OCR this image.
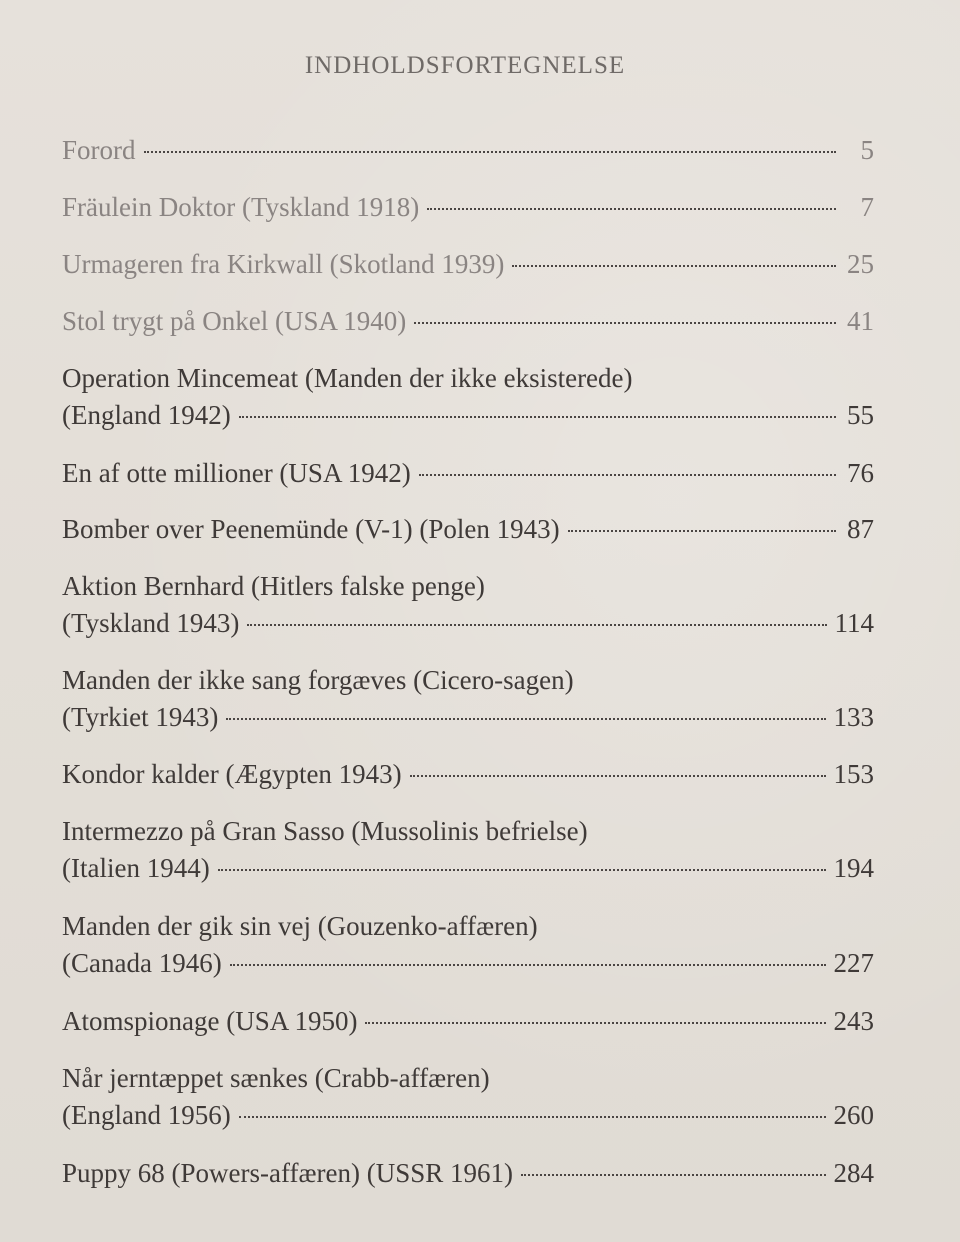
INDHOLDSFORTEGNELSE
Forord	5
Fräulein Doktor (Tyskland 1918)	7
Urmageren fra Kirkwall (Skotland 1939)	25
Stol trygt på Onkel (USA 1940)	41
Operation Mincemeat (Manden der ikke eksisterede)
(England 1942)	55
En af otte millioner (USA 1942)	76
Bomber over Peenemünde (V-1) (Polen 1943)	87
Aktion Bernhard (Hitlers falske penge)
(Tyskland 1943)	114
Manden der ikke sang forgæves (Cicero-sagen)
(Tyrkiet 1943)	133
Kondor kalder (Ægypten 1943)	153
Intermezzo på Gran Sasso (Mussolinis befrielse)
(Italien 1944)	194
Manden der gik sin vej (Gouzenko-affæren)
(Canada 1946)	227
Atomspionage (USA 1950)	243
Når jerntæppet sænkes (Crabb-affæren)
(England 1956)	260
Puppy 68 (Powers-affæren) (USSR 1961)	284
